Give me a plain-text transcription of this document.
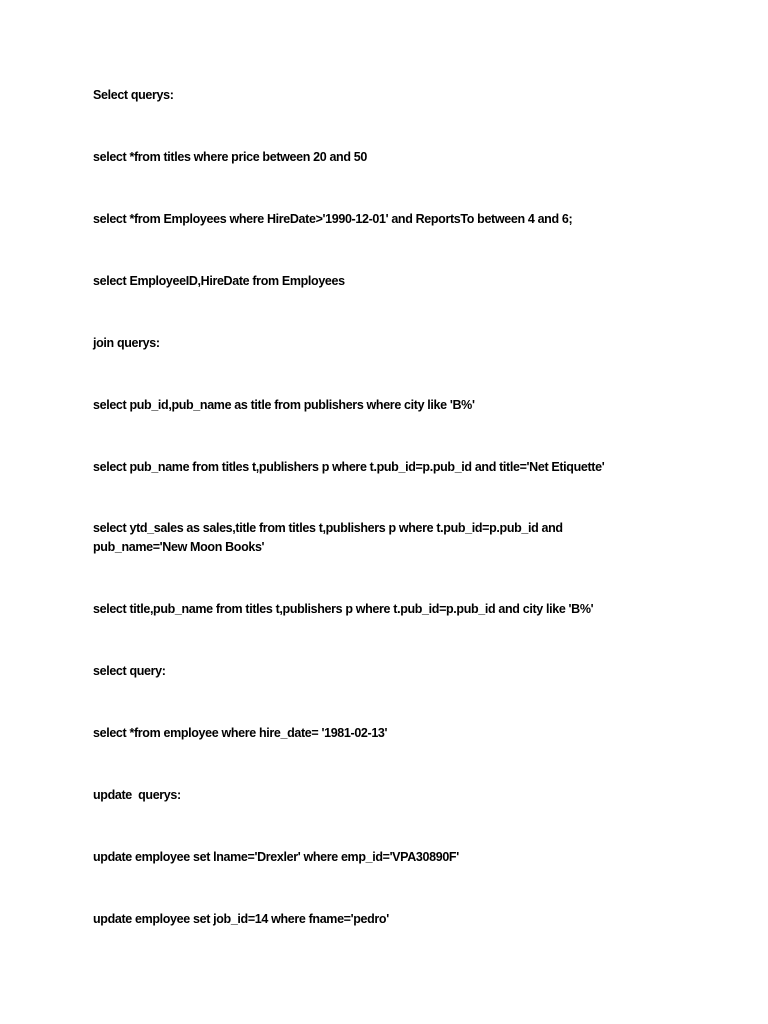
Select querys:
select *from titles where price between 20 and 50
select *from Employees where HireDate>'1990-12-01' and ReportsTo between 4 and 6;
select EmployeeID,HireDate from Employees
join querys:
select pub_id,pub_name as title from publishers where city like 'B%'
select pub_name from titles t,publishers p where t.pub_id=p.pub_id and title='Net Etiquette'
select ytd_sales as sales,title from titles t,publishers p where t.pub_id=p.pub_id and pub_name='New Moon Books'
select title,pub_name from titles t,publishers p where t.pub_id=p.pub_id and city like 'B%'
select query:
select *from employee where hire_date= '1981-02-13'
update  querys:
update employee set lname='Drexler' where emp_id='VPA30890F'
update employee set job_id=14 where fname='pedro'
